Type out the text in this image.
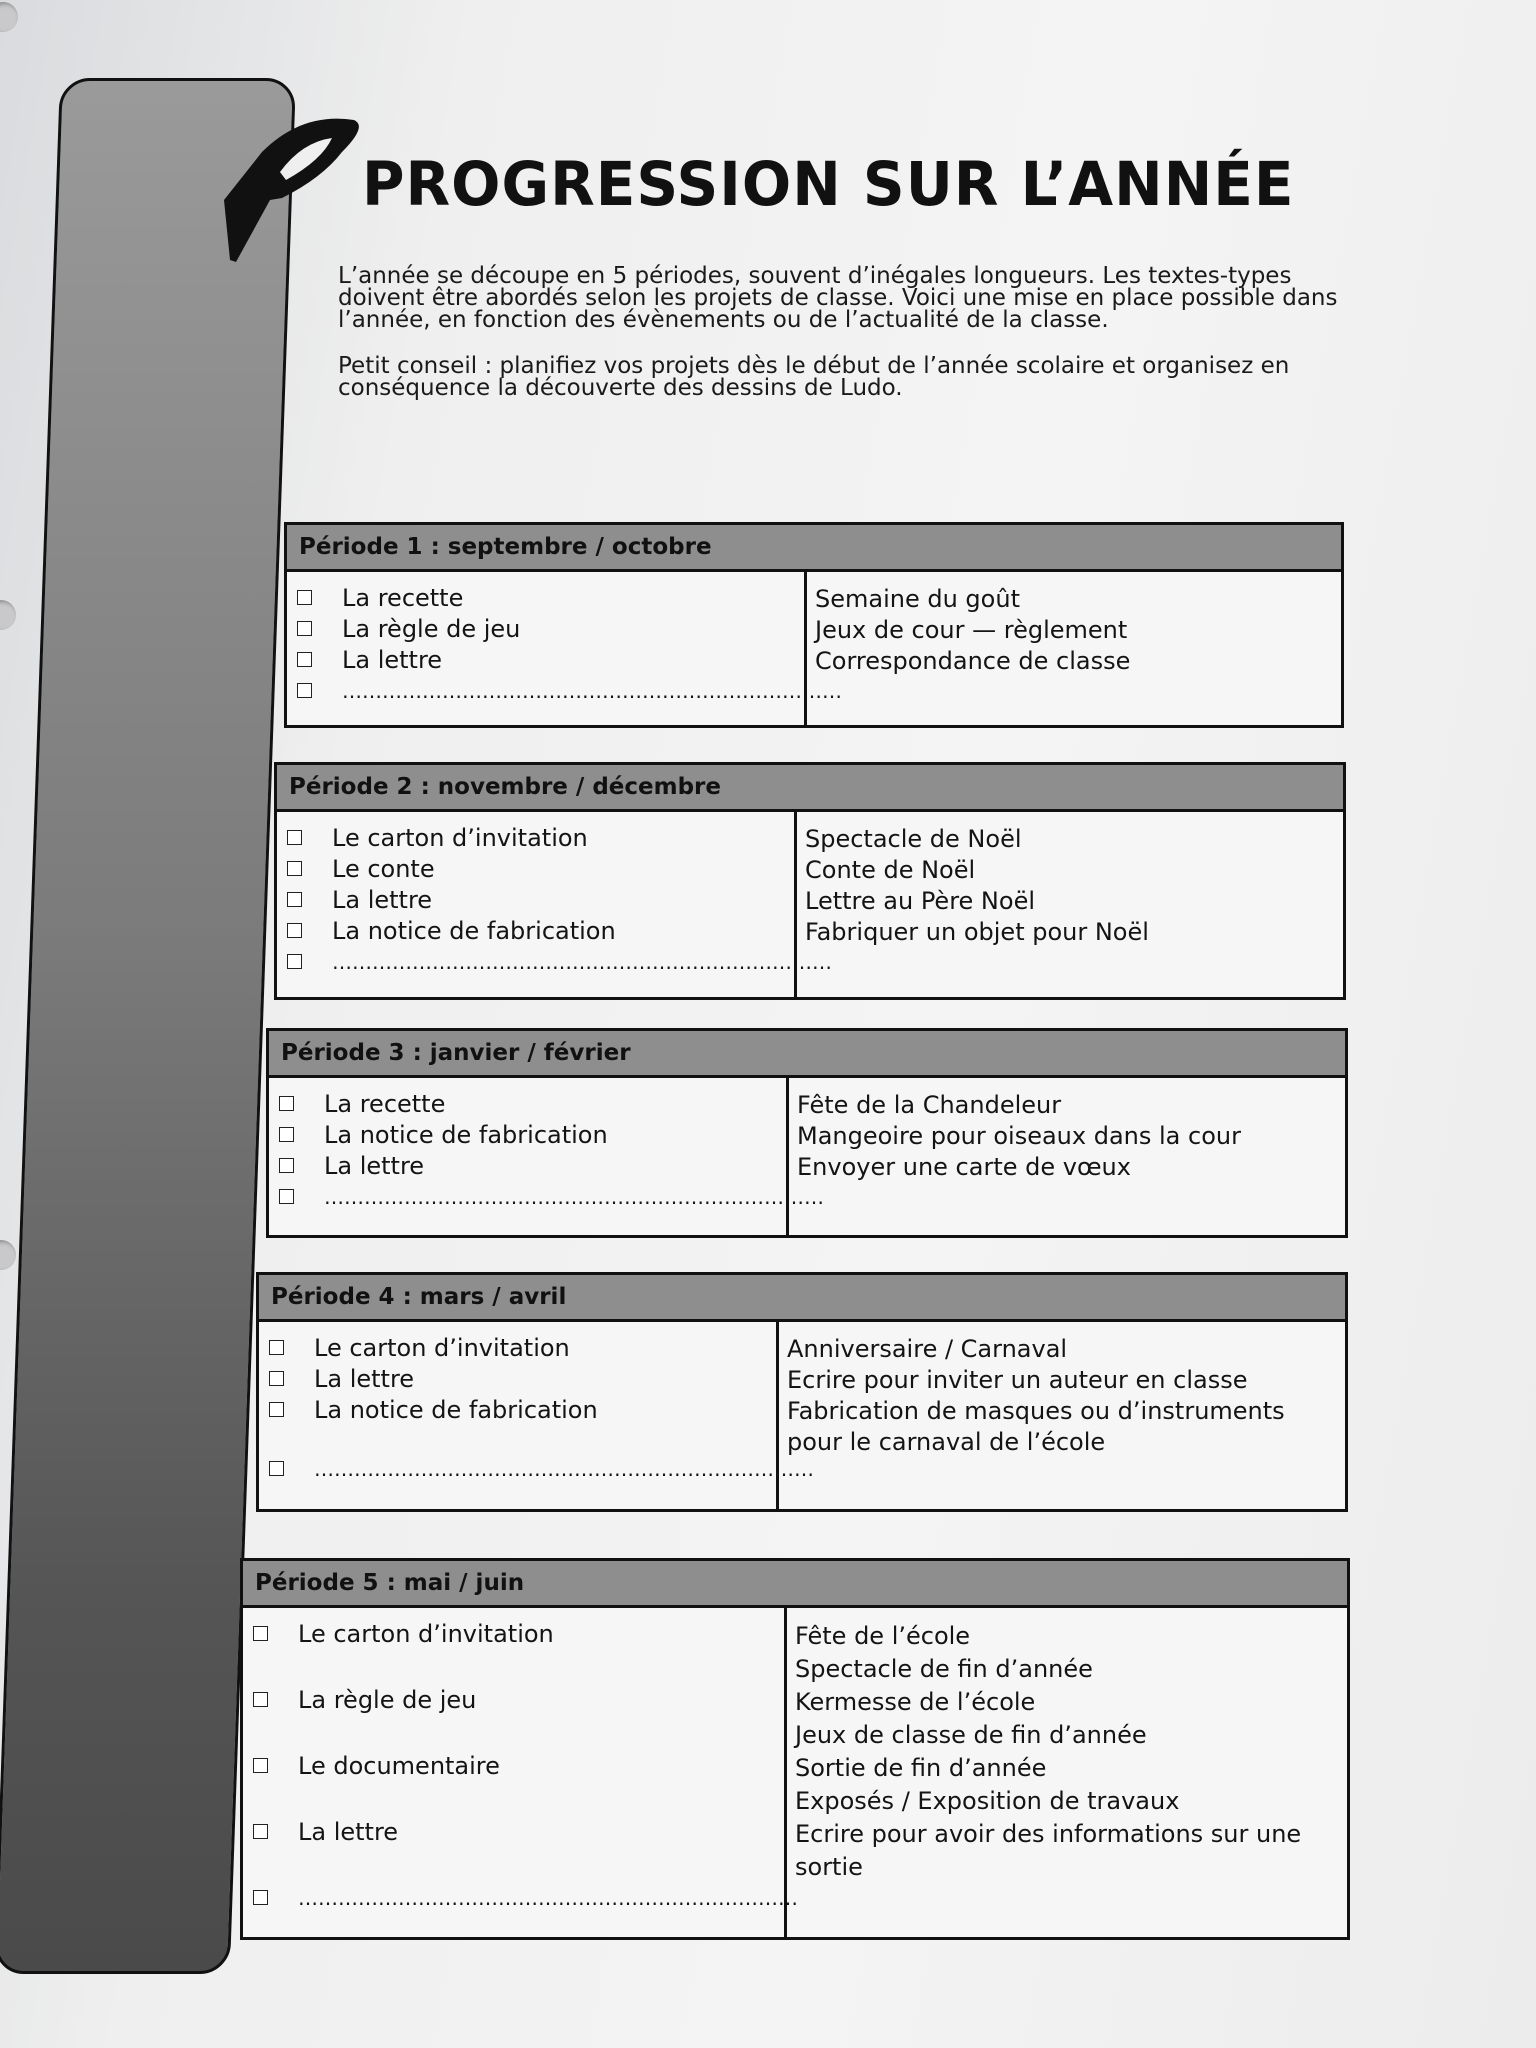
PROGRESSION SUR L’ANNÉE

L’année se découpe en 5 périodes, souvent d’inégales longueurs. Les textes-types doivent être abordés selon les projets de classe. Voici une mise en place possible dans l’année, en fonction des évènements ou de l’actualité de la classe.

Petit conseil : planifiez vos projets dès le début de l’année scolaire et organisez en conséquence la découverte des dessins de Ludo.

Période 1 : septembre / octobre
La recette
La règle de jeu
La lettre
…………………………………………………………………
Semaine du goût
Jeux de cour — règlement
Correspondance de classe
Période 2 : novembre / décembre
Le carton d’invitation
Le conte
La lettre
La notice de fabrication
…………………………………………………………………
Spectacle de Noël
Conte de Noël
Lettre au Père Noël
Fabriquer un objet pour Noël
Période 3 : janvier / février
La recette
La notice de fabrication
La lettre
…………………………………………………………………
Fête de la Chandeleur
Mangeoire pour oiseaux dans la cour
Envoyer une carte de vœux
Période 4 : mars / avril
Le carton d’invitation
La lettre
La notice de fabrication
…………………………………………………………………
Anniversaire / Carnaval
Ecrire pour inviter un auteur en classe
Fabrication de masques ou d’instruments
pour le carnaval de l’école
Période 5 : mai / juin
Le carton d’invitation
La règle de jeu
Le documentaire
La lettre
…………………………………………………………………
Fête de l’école
Spectacle de fin d’année
Kermesse de l’école
Jeux de classe de fin d’année
Sortie de fin d’année
Exposés / Exposition de travaux
Ecrire pour avoir des informations sur une
sortie
